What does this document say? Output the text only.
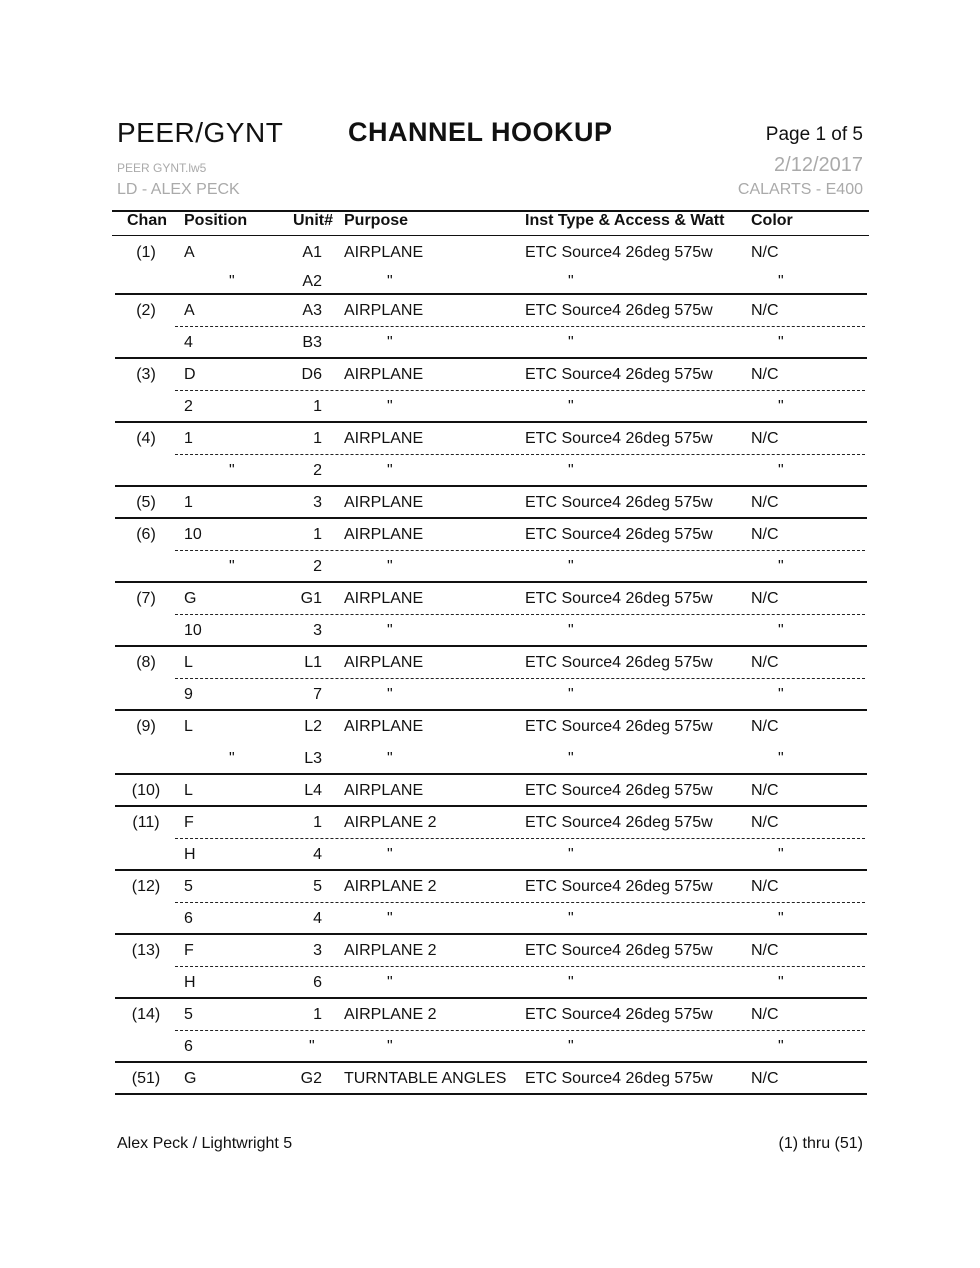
PEER/GYNT CHANNEL HOOKUP	Page 1 of 5
PEER GYNT.lw5
LD - ALEX PECK
2/12/2017
CALARTS - E400
Chan Position	Unit# Purpose	Inst Type & Access & Watt Color
(1)	A	A1 AIRPLANE	ETC Source4 26deg 575w N/C
"	A2	"	"	"
(2)	A	A3 AIRPLANE	ETC Source4 26deg 575w N/C
4	B3	"	"	"
(3)	D	D6 AIRPLANE	ETC Source4 26deg 575w N/C
2	1	"	"	"
(4)	1	1 AIRPLANE	ETC Source4 26deg 575w N/C
"	2	"	"	"
(5)	1	3 AIRPLANE	ETC Source4 26deg 575w N/C
(6)	10	1 AIRPLANE	ETC Source4 26deg 575w N/C
"	2	"	"	"
(7)	G	G1 AIRPLANE	ETC Source4 26deg 575w N/C
10	3	"	"	"
(8)	L	L1 AIRPLANE	ETC Source4 26deg 575w N/C
9	7	"	"	"
(9)	L	L2 AIRPLANE	ETC Source4 26deg 575w N/C
"	L3	"	"	"
(10)	L	L4 AIRPLANE	ETC Source4 26deg 575w N/C
(11)	F	1 AIRPLANE 2	ETC Source4 26deg 575w N/C
H	4	"	"	"
(12)	5	5 AIRPLANE 2	ETC Source4 26deg 575w N/C
6	4	"	"	"
(13)	F	3 AIRPLANE 2	ETC Source4 26deg 575w N/C
H	6	"	"	"
(14)	5	1 AIRPLANE 2	ETC Source4 26deg 575w N/C
6	"	"	"	"
(51)	G	G2 TURNTABLE ANGLES ETC Source4 26deg 575w N/C
Alex Peck / Lightwright 5	(1) thru (51)
